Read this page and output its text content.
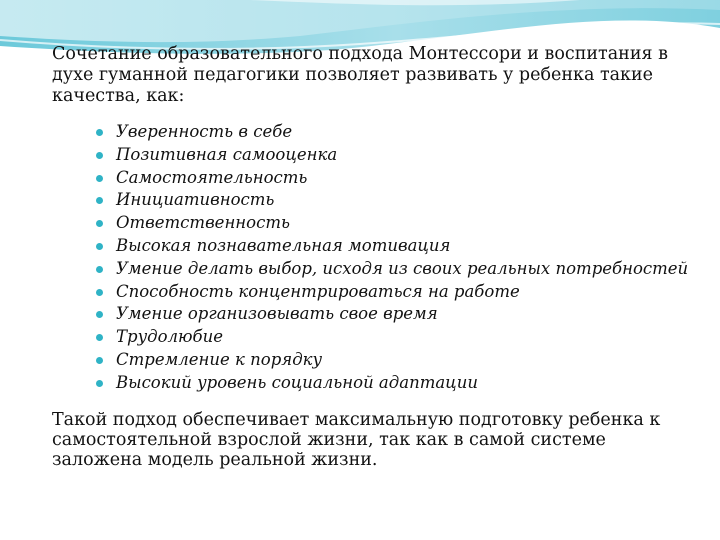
Сочетание образовательного подхода Монтессори и воспитания в духе гуманной педагогики позволяет развивать у ребенка такие качества, как:

Уверенность в себе
Позитивная самооценка
Самостоятельность
Инициативность
Ответственность
Высокая познавательная мотивация
Умение делать выбор, исходя из своих реальных потребностей
Способность концентрироваться на работе
Умение организовывать свое время
Трудолюбие
Стремление к порядку
Высокий уровень социальной адаптации

Такой подход обеспечивает максимальную подготовку ребенка к самостоятельной взрослой жизни, так как в самой системе заложена модель реальной жизни.
